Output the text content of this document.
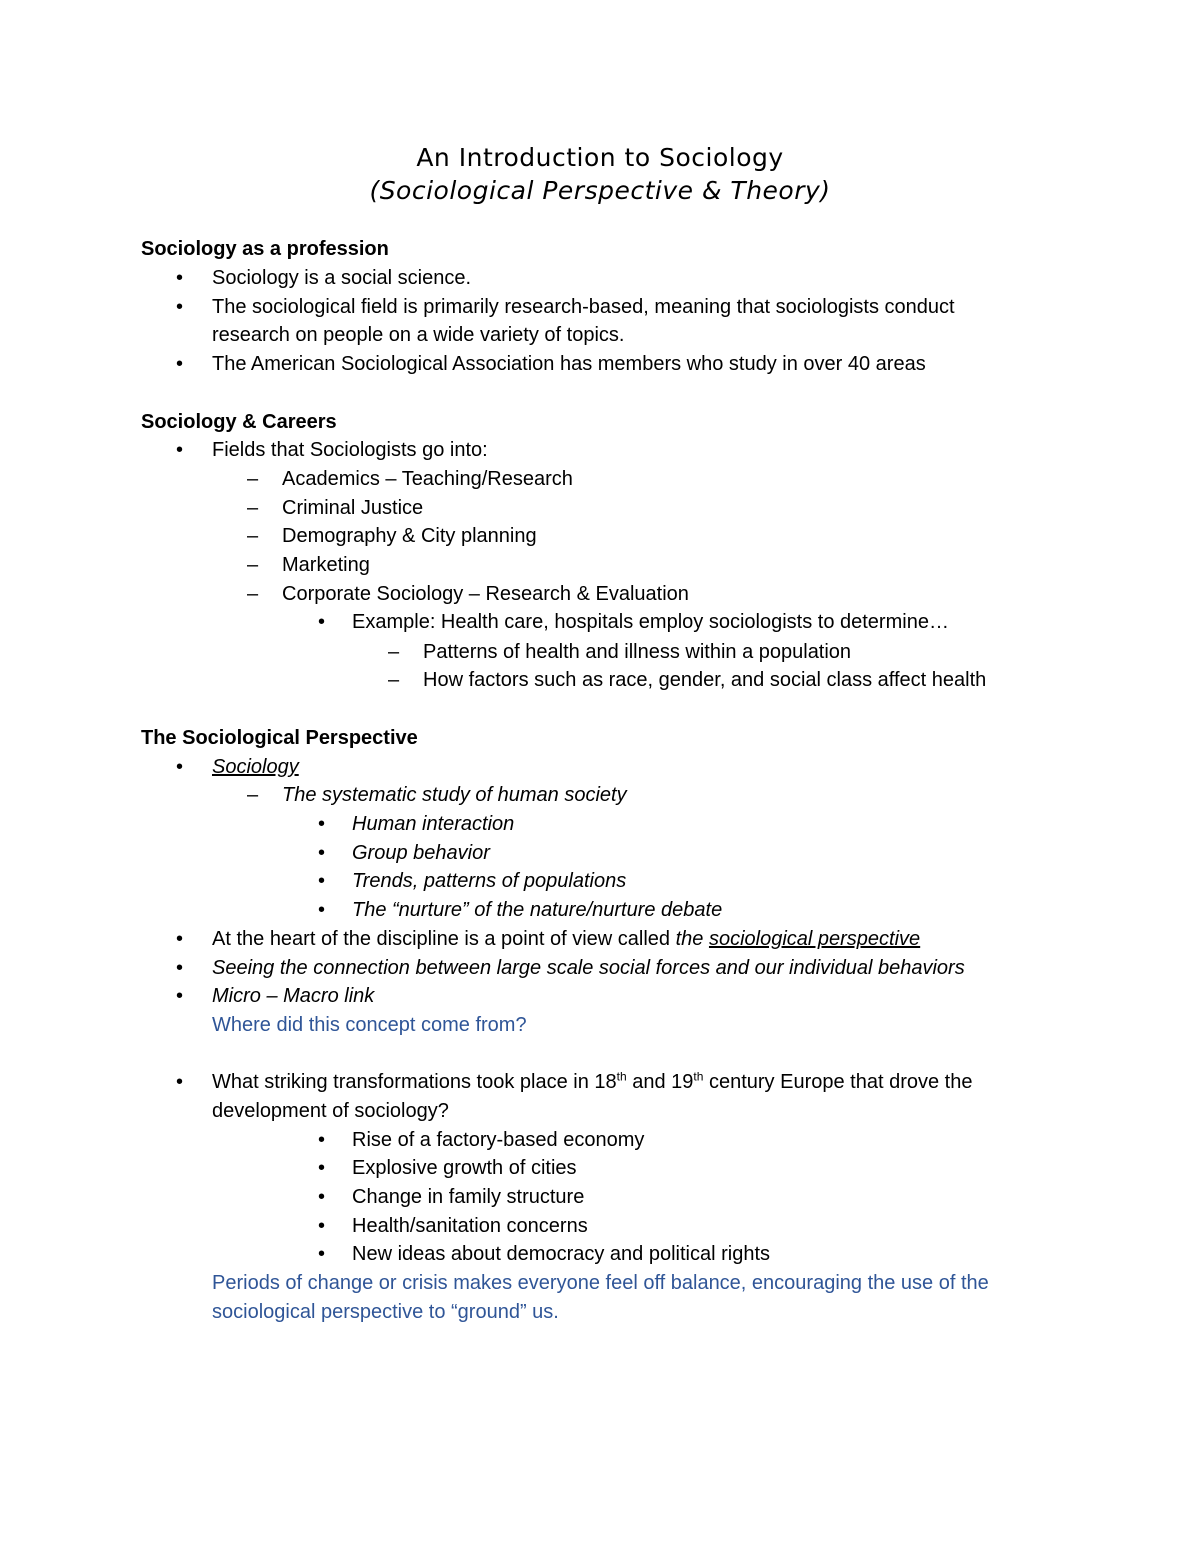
An Introduction to Sociology
(Sociological Perspective & Theory)
Sociology as a profession
• Sociology is a social science.
• The sociological field is primarily research-based, meaning that sociologists conduct
research on people on a wide variety of topics.
• The American Sociological Association has members who study in over 40 areas
Sociology & Careers
• Fields that Sociologists go into:
– Academics – Teaching/Research
– Criminal Justice
– Demography & City planning
– Marketing
– Corporate Sociology – Research & Evaluation
• Example: Health care, hospitals employ sociologists to determine…
– Patterns of health and illness within a population
– How factors such as race, gender, and social class affect health
The Sociological Perspective
• Sociology
– The systematic study of human society
• Human interaction
• Group behavior
• Trends, patterns of populations
• The “nurture” of the nature/nurture debate
• At the heart of the discipline is a point of view called the sociological perspective
• Seeing the connection between large scale social forces and our individual behaviors
• Micro – Macro link
Where did this concept come from?
• What striking transformations took place in 18th and 19th century Europe that drove the
development of sociology?
• Rise of a factory-based economy
• Explosive growth of cities
• Change in family structure
• Health/sanitation concerns
• New ideas about democracy and political rights
Periods of change or crisis makes everyone feel off balance, encouraging the use of the
sociological perspective to “ground” us.
